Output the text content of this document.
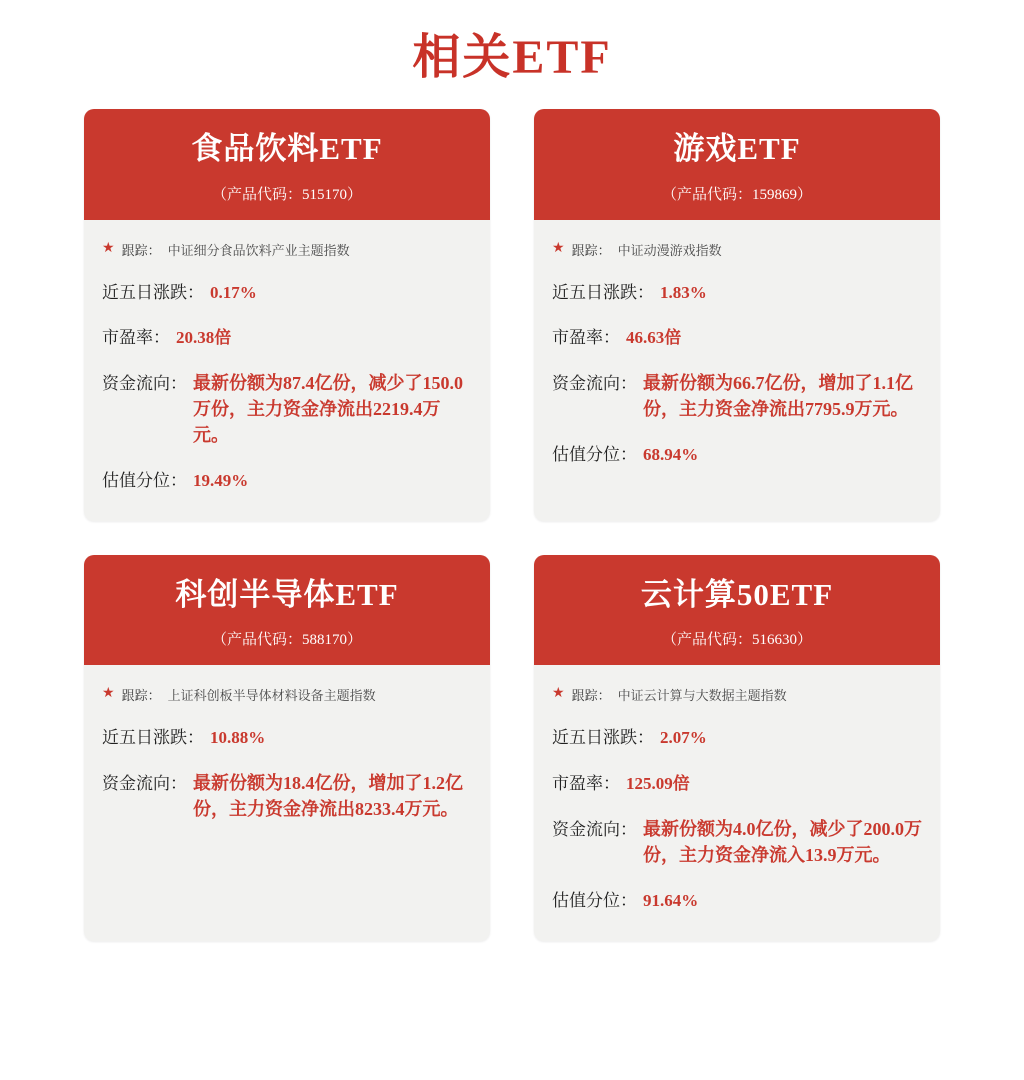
相关ETF
食品饮料ETF
（产品代码：515170）
★ 跟踪： 中证细分食品饮料产业主题指数
近五日涨跌： 0.17%
市盈率： 20.38倍
资金流向： 最新份额为87.4亿份，减少了150.0万份，主力资金净流出2219.4万元。
估值分位： 19.49%
游戏ETF
（产品代码：159869）
★ 跟踪： 中证动漫游戏指数
近五日涨跌： 1.83%
市盈率： 46.63倍
资金流向： 最新份额为66.7亿份，增加了1.1亿份，主力资金净流出7795.9万元。
估值分位： 68.94%
科创半导体ETF
（产品代码：588170）
★ 跟踪： 上证科创板半导体材料设备主题指数
近五日涨跌： 10.88%
资金流向： 最新份额为18.4亿份，增加了1.2亿份，主力资金净流出8233.4万元。
云计算50ETF
（产品代码：516630）
★ 跟踪： 中证云计算与大数据主题指数
近五日涨跌： 2.07%
市盈率： 125.09倍
资金流向： 最新份额为4.0亿份，减少了200.0万份，主力资金净流入13.9万元。
估值分位： 91.64%
